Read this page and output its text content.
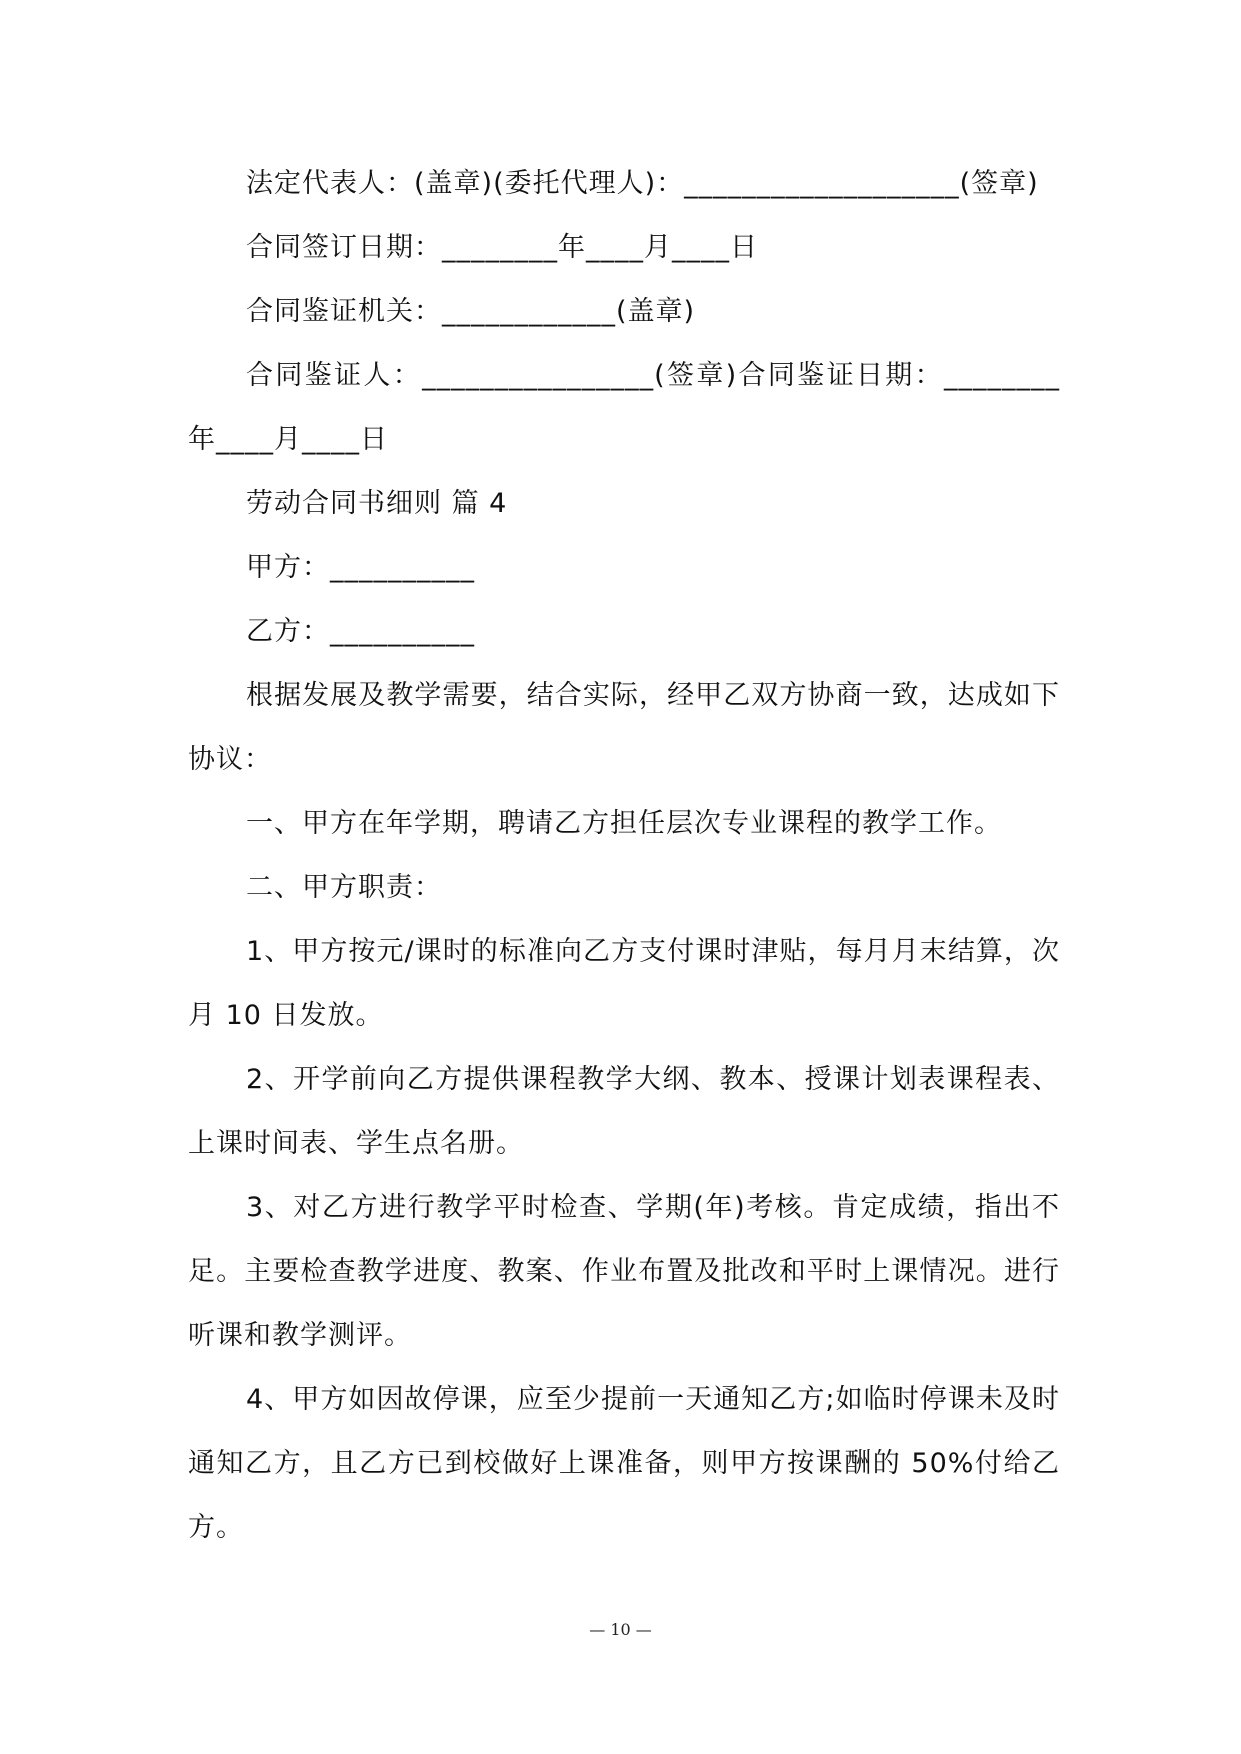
法定代表人：(盖章)(委托代理人)：___________________(签章)

合同签订日期：________年____月____日

合同鉴证机关：____________(盖章)

合同鉴证人：________________(签章)合同鉴证日期：________年____月____日

劳动合同书细则 篇 4

甲方：__________

乙方：__________

根据发展及教学需要，结合实际，经甲乙双方协商一致，达成如下协议：

一、甲方在年学期，聘请乙方担任层次专业课程的教学工作。

二、甲方职责：

1、甲方按元/课时的标准向乙方支付课时津贴，每月月末结算，次月 10 日发放。

2、开学前向乙方提供课程教学大纲、教本、授课计划表课程表、上课时间表、学生点名册。

3、对乙方进行教学平时检查、学期(年)考核。肯定成绩，指出不足。主要检查教学进度、教案、作业布置及批改和平时上课情况。进行听课和教学测评。

4、甲方如因故停课，应至少提前一天通知乙方;如临时停课未及时通知乙方，且乙方已到校做好上课准备，则甲方按课酬的 50%付给乙方。

— 10 —
